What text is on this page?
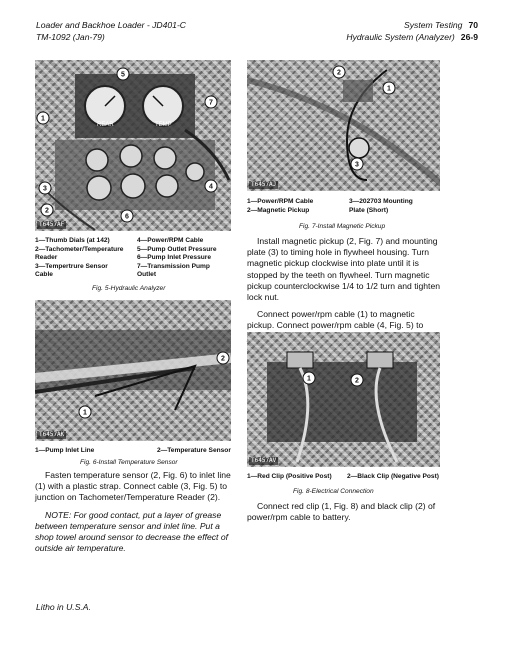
Loader and Backhoe Loader - JD401-C
TM-1092 (Jan-79)
System Testing 70
Hydraulic System (Analyzer) 26-9
REAR	TEMP
1
7
3
2
4
6
5
T6457AF
1—Thumb Dials (at 142)
2—Tachometer/Temperature
Reader
3—Tempertrure Sensor
Cable
4—Power/RPM Cable
5—Pump Outlet Pressure
6—Pump Inlet Pressure
7—Transmission Pump
Outlet
Fig. 5-Hydraulic Analyzer
1
2
T6457AK
1—Pump Inlet Line	2—Temperature Sensor
Fig. 6-Install Temperature Sensor

Fasten temperature sensor (2, Fig. 6) to inlet line (1) with a plastic strap. Connect cable (3, Fig. 5) to junction on Tachometer/Temperature Reader (2).

NOTE: For good contact, put a layer of grease between temperature sensor and inlet line. Put a shop towel around sensor to decrease the effect of outside air temperature.

1
2
3
T6457AJ
1—Power/RPM Cable
2—Magnetic Pickup
3—202703 Mounting
Plate (Short)
Fig. 7-Install Magnetic Pickup

Install magnetic pickup (2, Fig. 7) and mounting plate (3) to timing hole in flywheel housing. Turn magnetic pickup clockwise into plate until it is stopped by the teeth on flywheel. Turn magnetic pickup counterclockwise 1/4 to 1/2 turn and tighten lock nut.

Connect power/rpm cable (1) to magnetic pickup. Connect power/rpm cable (4, Fig. 5) to

1	2
T6457AV
1—Red Clip (Positive Post) 2—Black Clip (Negative Post)
Fig. 8-Electrical Connection

Connect red clip (1, Fig. 8) and black clip (2) of power/rpm cable to battery.

Litho in U.S.A.
